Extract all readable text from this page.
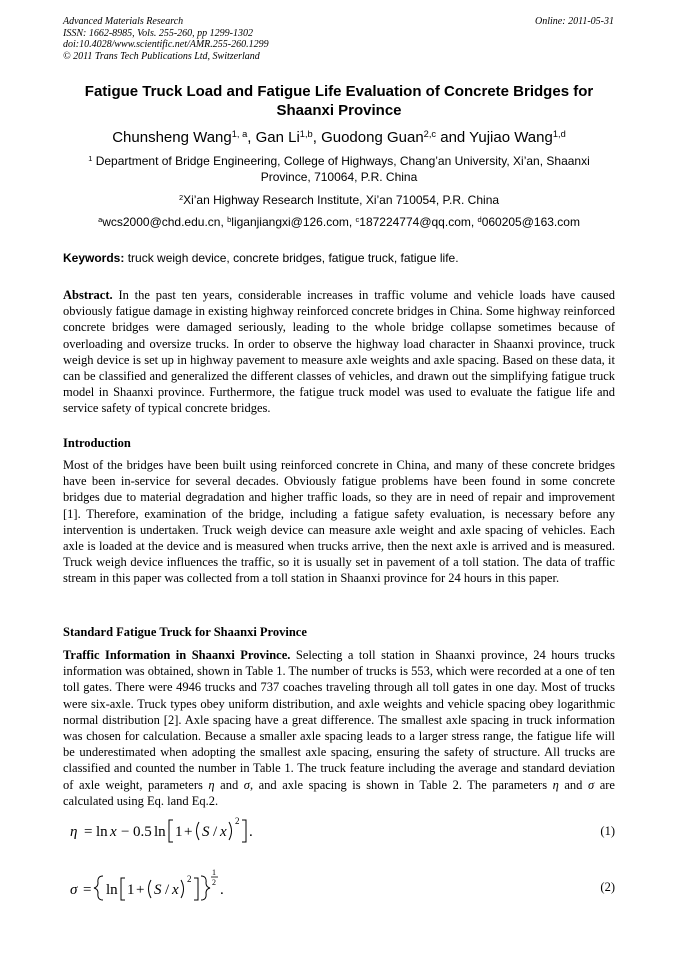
Advanced Materials Research
ISSN: 1662-8985, Vols. 255-260, pp 1299-1302
doi:10.4028/www.scientific.net/AMR.255-260.1299
© 2011 Trans Tech Publications Ltd, Switzerland
Online: 2011-05-31
Fatigue Truck Load and Fatigue Life Evaluation of Concrete Bridges for Shaanxi Province
Chunsheng Wang$^{1, a}$, Gan Li$^{1,b}$, Guodong Guan$^{2,c}$ and Yujiao Wang$^{1,d}$
$^1$ Department of Bridge Engineering, College of Highways, Chang’an University, Xi’an, Shaanxi Province, 710064, P.R. China
$^2$Xi’an Highway Research Institute, Xi’an 710054, P.R. China
$^a$wcs2000@chd.edu.cn, $^b$liganjiangxi@126.com, $^c$187224774@qq.com, $^d$060205@163.com
Keywords: truck weigh device, concrete bridges, fatigue truck, fatigue life.
Abstract. In the past ten years, considerable increases in traffic volume and vehicle loads have caused obviously fatigue damage in existing highway reinforced concrete bridges in China. Some highway reinforced concrete bridges were damaged seriously, leading to the whole bridge collapse sometimes because of overloading and oversize trucks. In order to observe the highway load character in Shaanxi province, truck weigh device is set up in highway pavement to measure axle weights and axle spacing. Based on these data, it can be classified and generalized the different classes of vehicles, and drawn out the simplifying fatigue truck model in Shaanxi province. Furthermore, the fatigue truck model was used to evaluate the fatigue life and service safety of typical concrete bridges.
Introduction
Most of the bridges have been built using reinforced concrete in China, and many of these concrete bridges have been in-service for several decades. Obviously fatigue problems have been found in some concrete bridges due to material degradation and higher traffic loads, so they are in need of repair and improvement [1]. Therefore, examination of the bridge, including a fatigue safety evaluation, is necessary before any intervention is undertaken. Truck weigh device can measure axle weight and axle spacing of vehicles. Each axle is loaded at the device and is measured when trucks arrive, then the next axle is arrived and is measured. Truck weigh device influences the traffic, so it is usually set in pavement of a toll station. The data of traffic stream in this paper was collected from a toll station in Shaanxi province for 24 hours in this paper.
Standard Fatigue Truck for Shaanxi Province
Traffic Information in Shaanxi Province. Selecting a toll station in Shaanxi province, 24 hours trucks information was obtained, shown in Table 1. The number of trucks is 553, which were recorded at a one of ten toll gates. There were 4946 trucks and 737 coaches traveling through all toll gates in one day. Most of trucks were six-axle. Truck types obey uniform distribution, and axle weights and vehicle spacing obey logarithmic normal distribution [2]. Axle spacing have a great difference. The smallest axle spacing in truck information was chosen for calculation. Because a smaller axle spacing leads to a larger stress range, the fatigue life will be underestimated when adopting the smallest axle spacing, ensuring the safety of structure. All trucks are classified and counted the number in Table 1. The truck feature including the average and standard deviation of axle weight, parameters η and σ, and axle spacing is shown in Table 2. The parameters η and σ are calculated using Eq. land Eq.2.
η = ln x − 0.5 ln 1 + S / x
2
.	(1)
σ = ln 1 + S / x
2
1
2 .	(2)
